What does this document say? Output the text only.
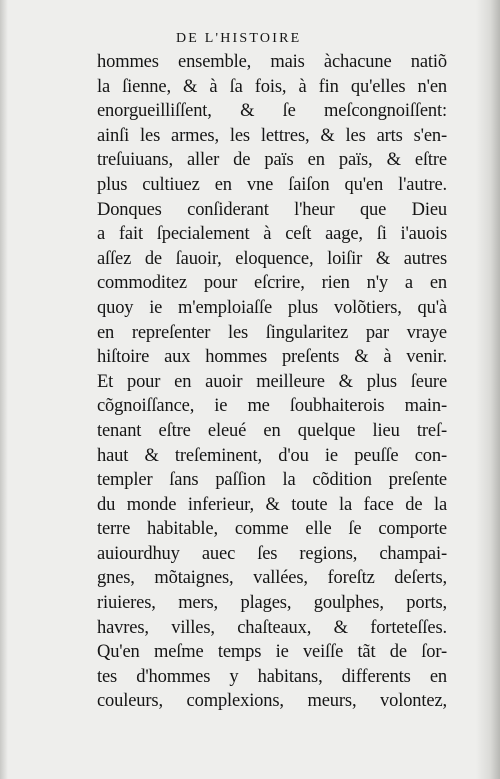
DE L'HISTOIRE
hommes ensemble, mais àchacune natiõ
la ſienne, & à ſa fois, à fin qu'elles n'en
enorgueilliſſent, & ſe meſcongnoiſſent:
ainſi les armes, les lettres, & les arts s'en-
treſuiuans, aller de païs en païs, & eſtre
plus cultiuez en vne ſaiſon qu'en l'autre.
Donques conſiderant l'heur que Dieu
a fait ſpecialement à ceſt aage, ſi i'auois
aſſez de ſauoir, eloquence, loiſir & autres
commoditez pour eſcrire, rien n'y a en
quoy ie m'emploiaſſe plus volõtiers, qu'à
en repreſenter les ſingularitez par vraye
hiſtoire aux hommes preſents & à venir.
Et pour en auoir meilleure & plus ſeure
cõgnoiſſance, ie me ſoubhaiterois main-
tenant eſtre eleué en quelque lieu treſ-
haut & treſeminent, d'ou ie peuſſe con-
templer ſans paſſion la cõdition preſente
du monde inferieur, & toute la face de la
terre habitable, comme elle ſe comporte
auiourdhuy auec ſes regions, champai-
gnes, mõtaignes, vallées, foreſtz deſerts,
riuieres, mers, plages, goulphes, ports,
havres, villes, chaſteaux, & forteteſſes.
Qu'en meſme temps ie veiſſe tãt de ſor-
tes d'hommes y habitans, differents en
couleurs, complexions, meurs, volontez,
